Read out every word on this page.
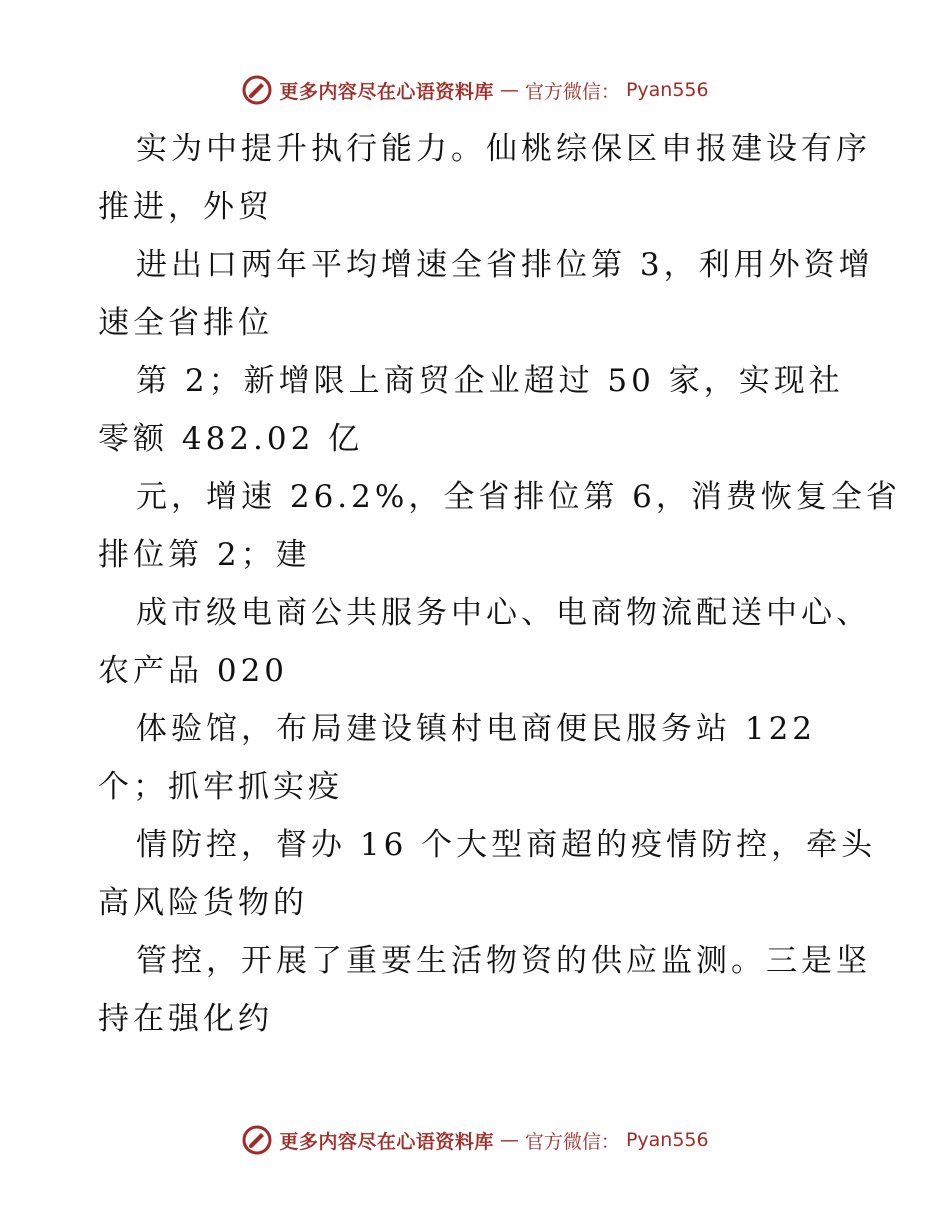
更多内容尽在心语资料库 — 官方微信： Pyan556
实为中提升执行能力。仙桃综保区申报建设有序
推进，外贸
进出口两年平均增速全省排位第 3，利用外资增
速全省排位
第 2；新增限上商贸企业超过 50 家，实现社
零额 482.02 亿
元，增速 26.2%，全省排位第 6，消费恢复全省
排位第 2；建
成市级电商公共服务中心、电商物流配送中心、
农产品 020
体验馆，布局建设镇村电商便民服务站 122
个；抓牢抓实疫
情防控，督办 16 个大型商超的疫情防控，牵头
高风险货物的
管控，开展了重要生活物资的供应监测。三是坚
持在强化约
更多内容尽在心语资料库 — 官方微信： Pyan556
